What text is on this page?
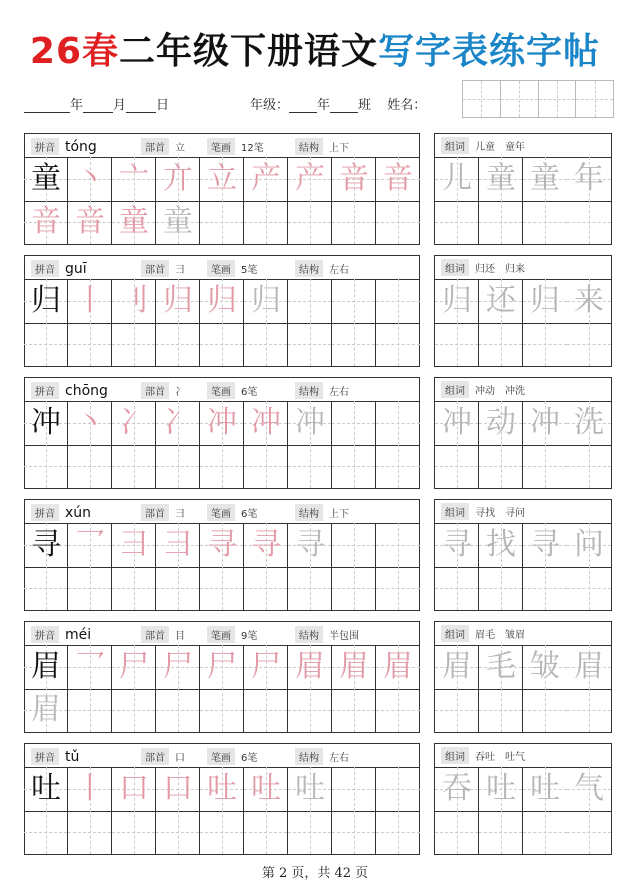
26春二年级下册语文写字表练字帖
年 月 日	年级： 年 班 姓名：
拼音 tóng	部首	立	笔画	12笔	结构	上下
童 丶 亠 亣 立 产 产 音 音
音 音 童 童
组词	儿童　童年
儿 童 童 年
拼音 guī	部首	彐	笔画	5笔	结构	左右
归 丨 刂 归 归 归
组词	归还　归来
归 还 归 来
拼音 chōng	部首	冫	笔画	6笔	结构	左右
冲 丶 冫 冫 冲 冲 冲
组词	冲动　冲洗
冲 动 冲 洗
拼音 xún	部首	彐	笔画	6笔	结构	上下
寻 乛 彐 彐 寻 寻 寻
组词	寻找　寻问
寻 找 寻 问
拼音 méi	部首	目	笔画	9笔	结构	半包围
眉 乛 尸 尸 尸 尸 眉 眉 眉
眉
组词	眉毛　皱眉
眉 毛 皱 眉
拼音 tǔ	部首	口	笔画	6笔	结构	左右
吐 丨 口 口 吐 吐 吐
组词	吞吐　吐气
吞 吐 吐 气
第 2 页，共 42 页
